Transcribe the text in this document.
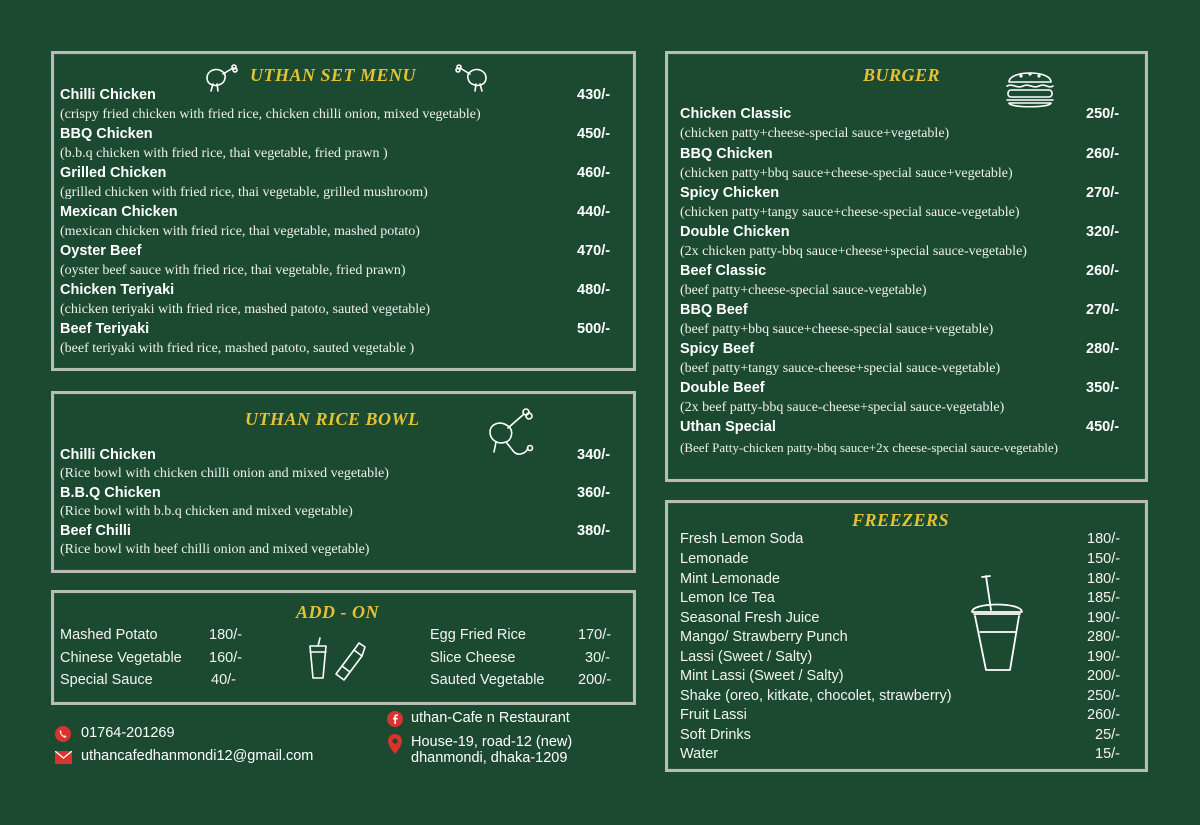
UTHAN SET MENU
Chilli Chicken	430/-
(crispy fried chicken with fried rice, chicken chilli onion, mixed vegetable)
BBQ Chicken	450/-
(b.b.q chicken with fried rice, thai vegetable, fried prawn )
Grilled Chicken	460/-
(grilled chicken with fried rice, thai vegetable, grilled mushroom)
Mexican Chicken	440/-
(mexican chicken with fried rice, thai vegetable, mashed potato)
Oyster Beef	470/-
(oyster beef sauce with fried rice, thai vegetable, fried prawn)
Chicken Teriyaki	480/-
(chicken teriyaki with fried rice, mashed patoto, sauted vegetable)
Beef Teriyaki	500/-
(beef teriyaki with fried rice, mashed patoto, sauted vegetable )
UTHAN RICE BOWL
Chilli Chicken	340/-
(Rice bowl with chicken chilli onion and mixed vegetable)
B.B.Q Chicken	360/-
(Rice bowl with b.b.q chicken and mixed vegetable)
Beef Chilli	380/-
(Rice bowl with beef chilli onion and mixed vegetable)
ADD - ON
Mashed Potato	180/-
Chinese Vegetable 160/-
Special Sauce	40/-
Egg Fried Rice	170/-
Slice Cheese	30/-
Sauted Vegetable 200/-
01764-201269
uthancafedhanmondi12@gmail.com
uthan-Cafe n Restaurant
House-19, road-12 (new)
dhanmondi, dhaka-1209
BURGER
Chicken Classic	250/-
(chicken patty+cheese-special sauce+vegetable)
BBQ Chicken	260/-
(chicken patty+bbq sauce+cheese-special sauce+vegetable)
Spicy Chicken	270/-
(chicken patty+tangy sauce+cheese-special sauce-vegetable)
Double Chicken	320/-
(2x chicken patty-bbq sauce+cheese+special sauce-vegetable)
Beef Classic	260/-
(beef patty+cheese-special sauce-vegetable)
BBQ Beef	270/-
(beef patty+bbq sauce+cheese-special sauce+vegetable)
Spicy Beef	280/-
(beef patty+tangy sauce-cheese+special sauce-vegetable)
Double Beef	350/-
(2x beef patty-bbq sauce-cheese+special sauce-vegetable)
Uthan Special	450/-
(Beef Patty-chicken patty-bbq sauce+2x cheese-special sauce-vegetable)
FREEZERS
Fresh Lemon Soda	180/-
Lemonade	150/-
Mint Lemonade	180/-
Lemon Ice Tea	185/-
Seasonal Fresh Juice	190/-
Mango/ Strawberry Punch	280/-
Lassi (Sweet / Salty)	190/-
Mint Lassi (Sweet / Salty)	200/-
Shake (oreo, kitkate, chocolet, strawberry)	250/-
Fruit Lassi	260/-
Soft Drinks	25/-
Water	15/-
